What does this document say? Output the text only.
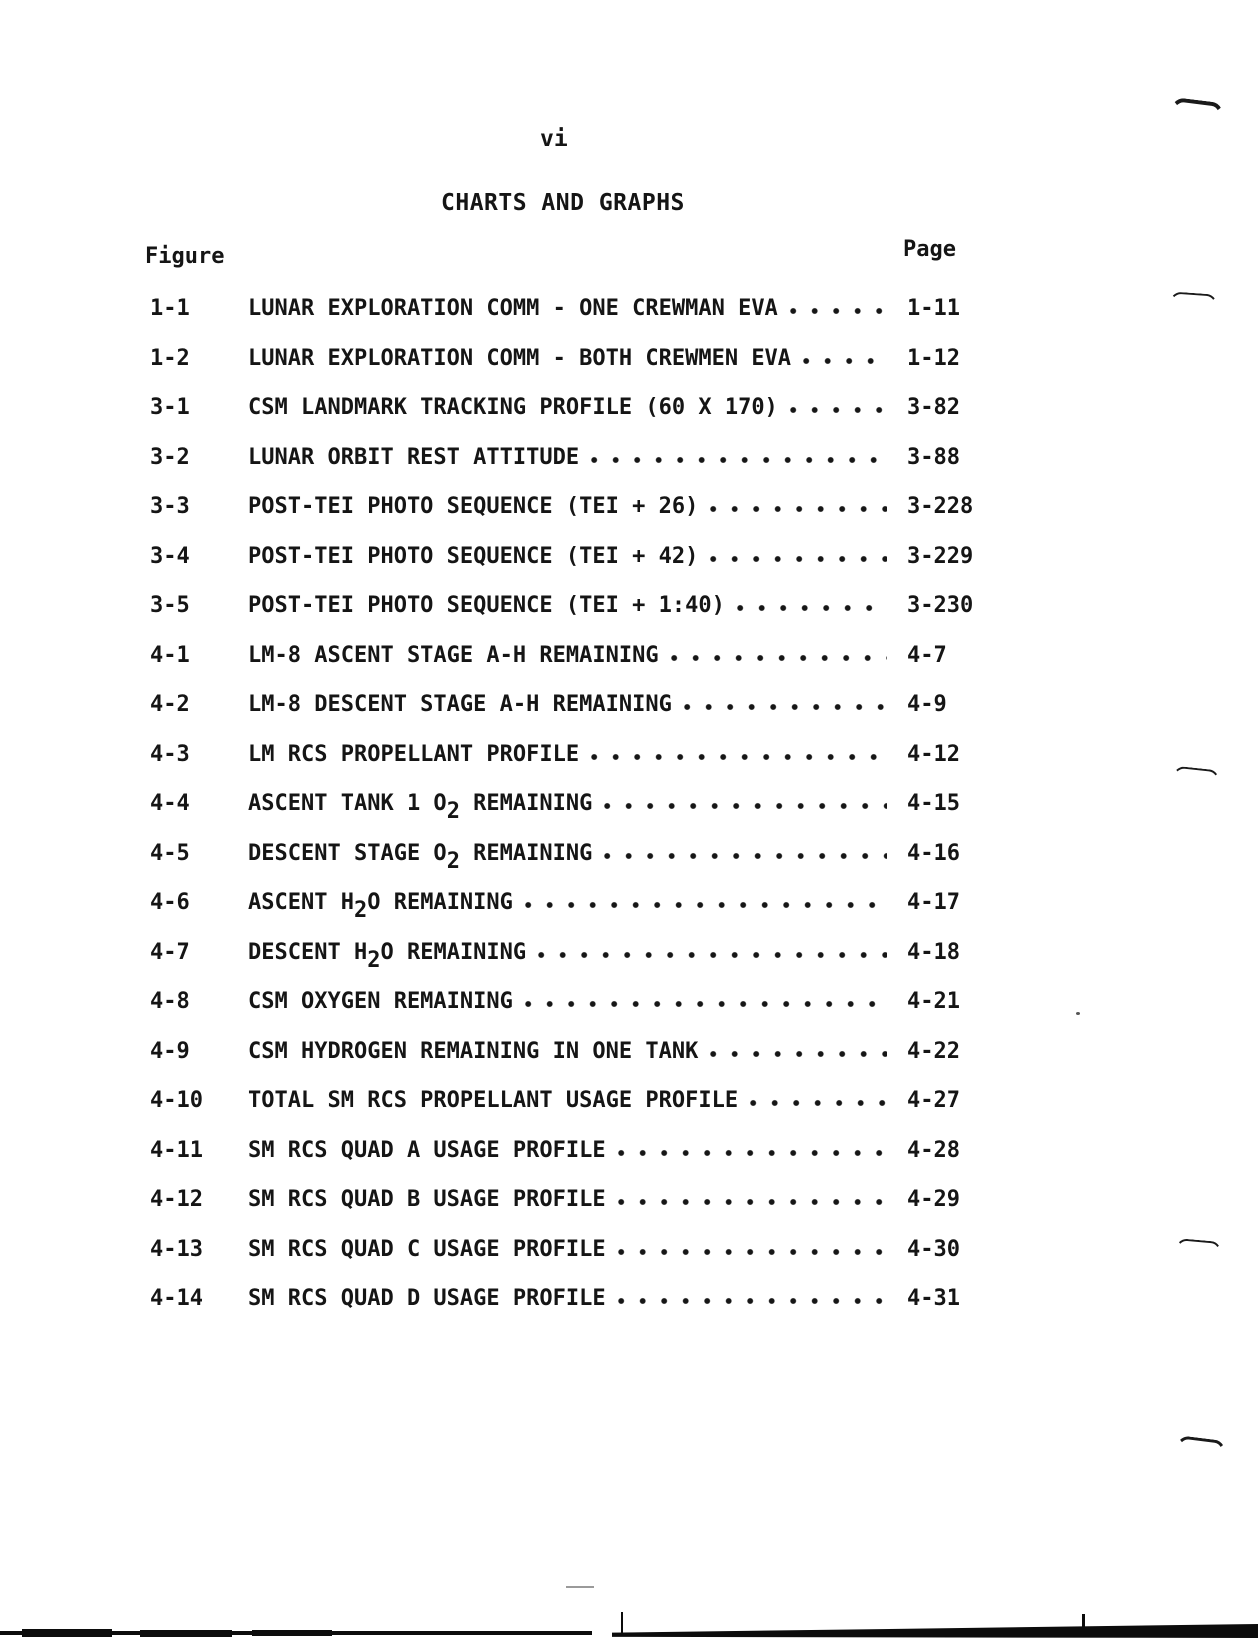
vi
CHARTS AND GRAPHS
Figure	Page
1-1	LUNAR EXPLORATION COMM - ONE CREWMAN EVA	1-11
1-2	LUNAR EXPLORATION COMM - BOTH CREWMEN EVA	1-12
3-1	CSM LANDMARK TRACKING PROFILE (60 X 170)	3-82
3-2	LUNAR ORBIT REST ATTITUDE	3-88
3-3	POST-TEI PHOTO SEQUENCE (TEI + 26)	3-228
3-4	POST-TEI PHOTO SEQUENCE (TEI + 42)	3-229
3-5	POST-TEI PHOTO SEQUENCE (TEI + 1:40)	3-230
4-1	LM-8 ASCENT STAGE A-H REMAINING	4-7
4-2	LM-8 DESCENT STAGE A-H REMAINING	4-9
4-3	LM RCS PROPELLANT PROFILE	4-12
4-4	ASCENT TANK 1 O2 REMAINING	4-15
4-5	DESCENT STAGE O2 REMAINING	4-16
4-6	ASCENT H2O REMAINING	4-17
4-7	DESCENT H2O REMAINING	4-18
4-8	CSM OXYGEN REMAINING	4-21
4-9	CSM HYDROGEN REMAINING IN ONE TANK	4-22
4-10	TOTAL SM RCS PROPELLANT USAGE PROFILE	4-27
4-11	SM RCS QUAD A USAGE PROFILE	4-28
4-12	SM RCS QUAD B USAGE PROFILE	4-29
4-13	SM RCS QUAD C USAGE PROFILE	4-30
4-14	SM RCS QUAD D USAGE PROFILE	4-31
